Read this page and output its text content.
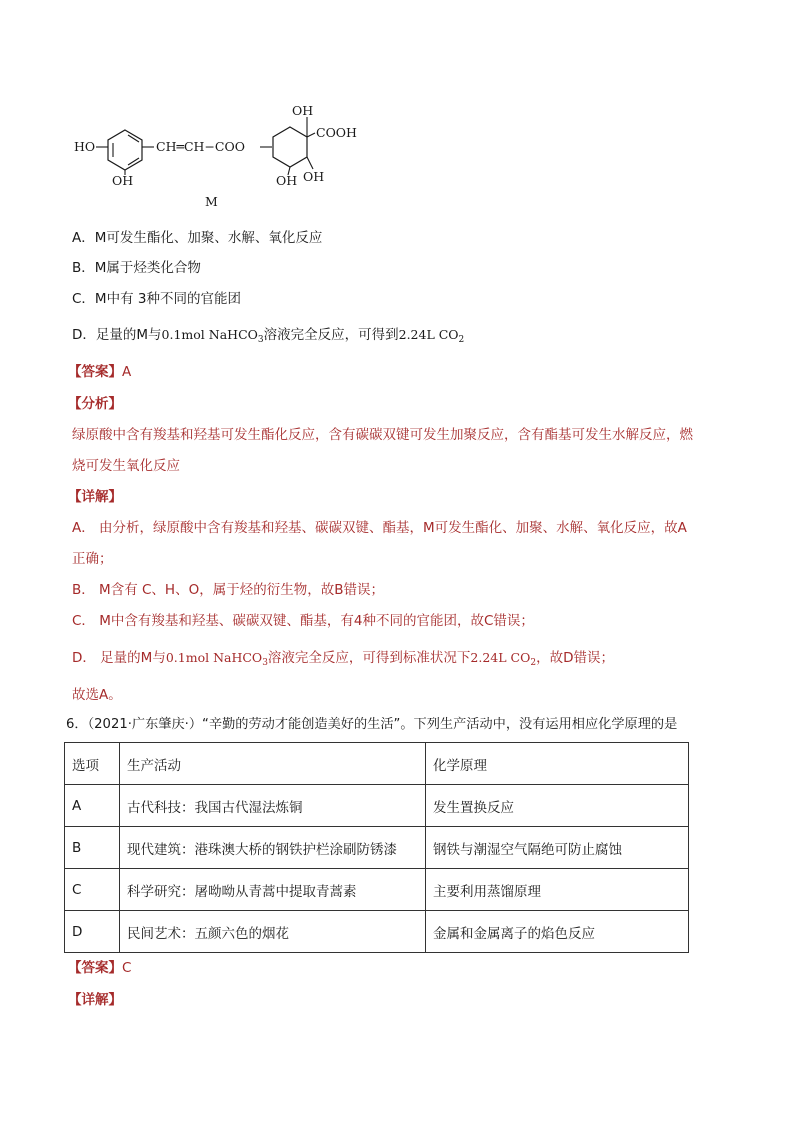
HO
OH
CH═CH−COO
OH
COOH
OH OH
M
A．M可发生酯化、加聚、水解、氧化反应
B．M属于烃类化合物
C．M中有 3种不同的官能团
D．足量的M与0.1mol NaHCO$_3$溶液完全反应，可得到2.24L $CO_2$
【答案】A
【分析】
绿原酸中含有羧基和羟基可发生酯化反应，含有碳碳双键可发生加聚反应，含有酯基可发生水解反应，燃
烧可发生氧化反应
【详解】
A． 由分析，绿原酸中含有羧基和羟基、碳碳双键、酯基，M可发生酯化、加聚、水解、氧化反应，故A
正确；
B． M含有 C、H、O，属于烃的衍生物，故B错误；
C． M中含有羧基和羟基、碳碳双键、酯基，有4种不同的官能团，故C错误；
D． 足量的M与0.1mol NaHCO$_3$溶液完全反应，可得到标准状况下2.24L $CO_2$，故D错误；
故选A。
6．（2021·广东肇庆·）“辛勤的劳动才能创造美好的生活”。下列生产活动中，没有运用相应化学原理的是
选项	生产活动	化学原理
A	古代科技：我国古代湿法炼铜	发生置换反应
B	现代建筑：港珠澳大桥的钢铁护栏涂刷防锈漆	钢铁与潮湿空气隔绝可防止腐蚀
C	科学研究：屠呦呦从青蒿中提取青蒿素	主要利用蒸馏原理
D	民间艺术：五颜六色的烟花	金属和金属离子的焰色反应
【答案】C
【详解】
